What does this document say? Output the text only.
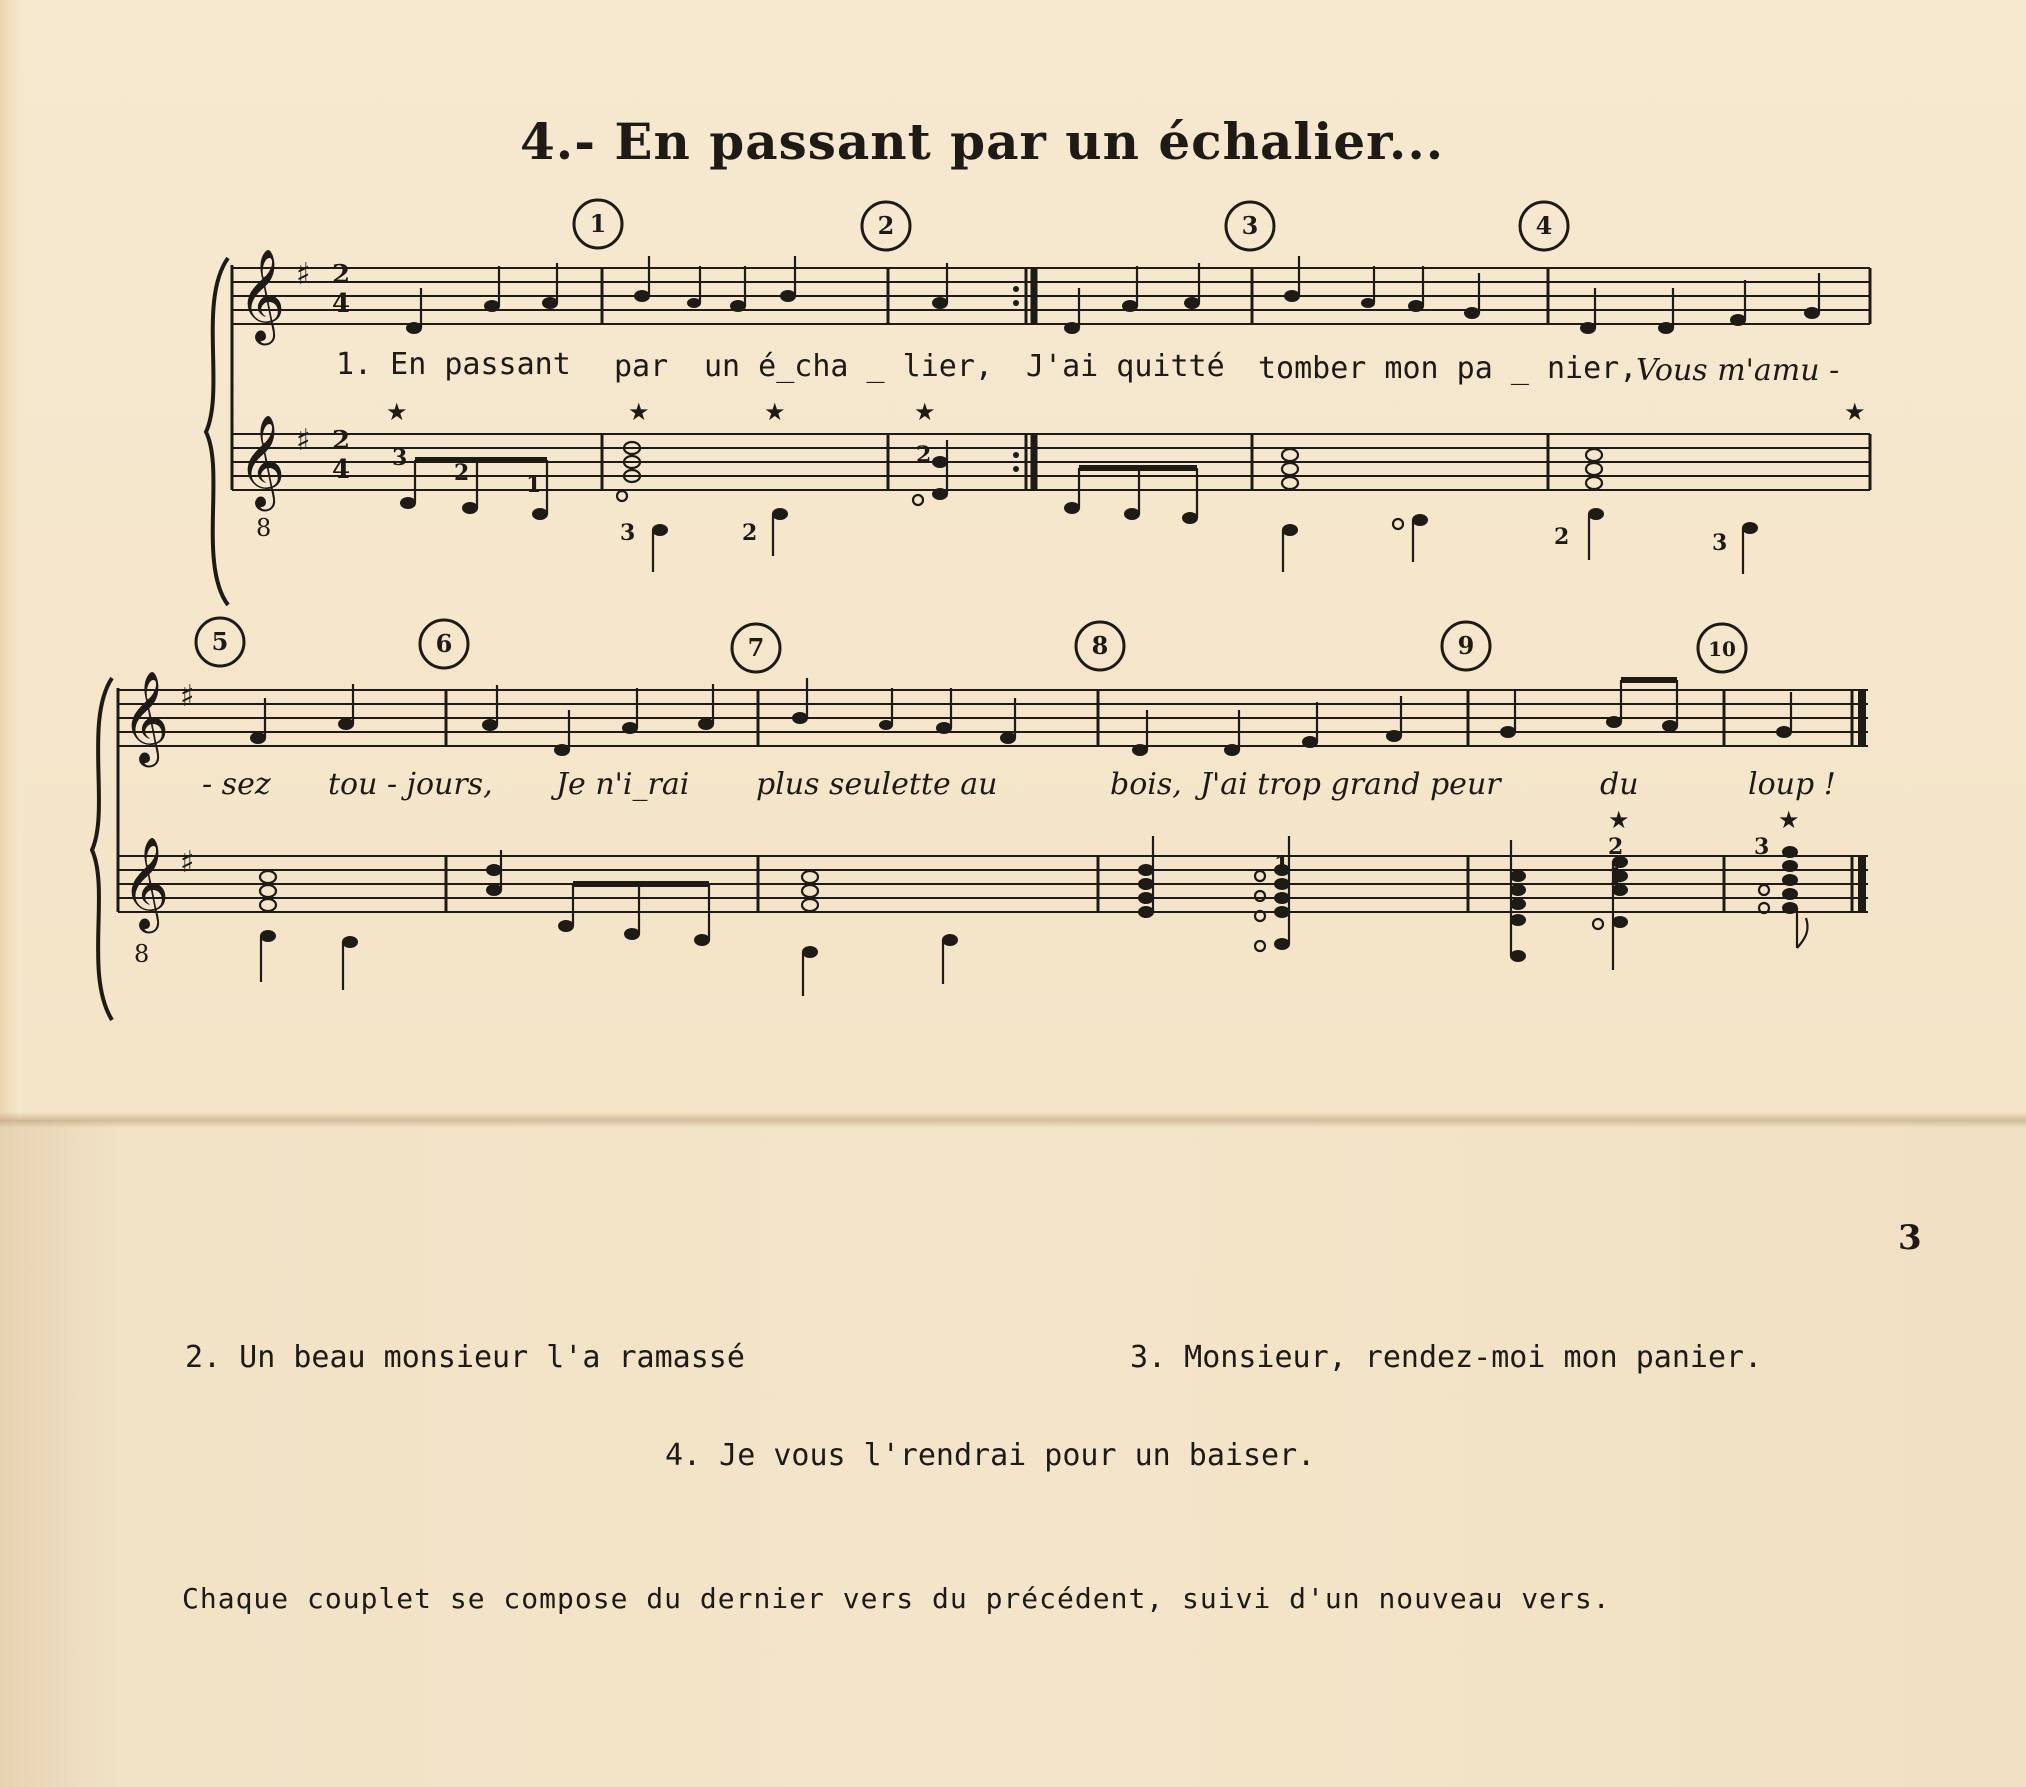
4.- En passant par un échalier...
𝄞
𝄞
8
♯
♯
2
4
2
4 3
2	1
3	2
2
2	3
★	★	★	★	★
1	2	3	4
1. En passant par un é_cha _ lier, J'ai quitté tomber mon pa _ nier,
Vous m'amu -
𝄞
𝄞
8
♯
♯	1
2
1
3
★	★
5	6	7	8	9	10
- sez tou - jours, Je n'i_rai plus seulette au	bois, J'ai trop grand peur	du	loup !
3
2. Un beau monsieur l'a ramassé	3. Monsieur, rendez-moi mon panier.
4. Je vous l'rendrai pour un baiser.
Chaque couplet se compose du dernier vers du précédent, suivi d'un nouveau vers.
